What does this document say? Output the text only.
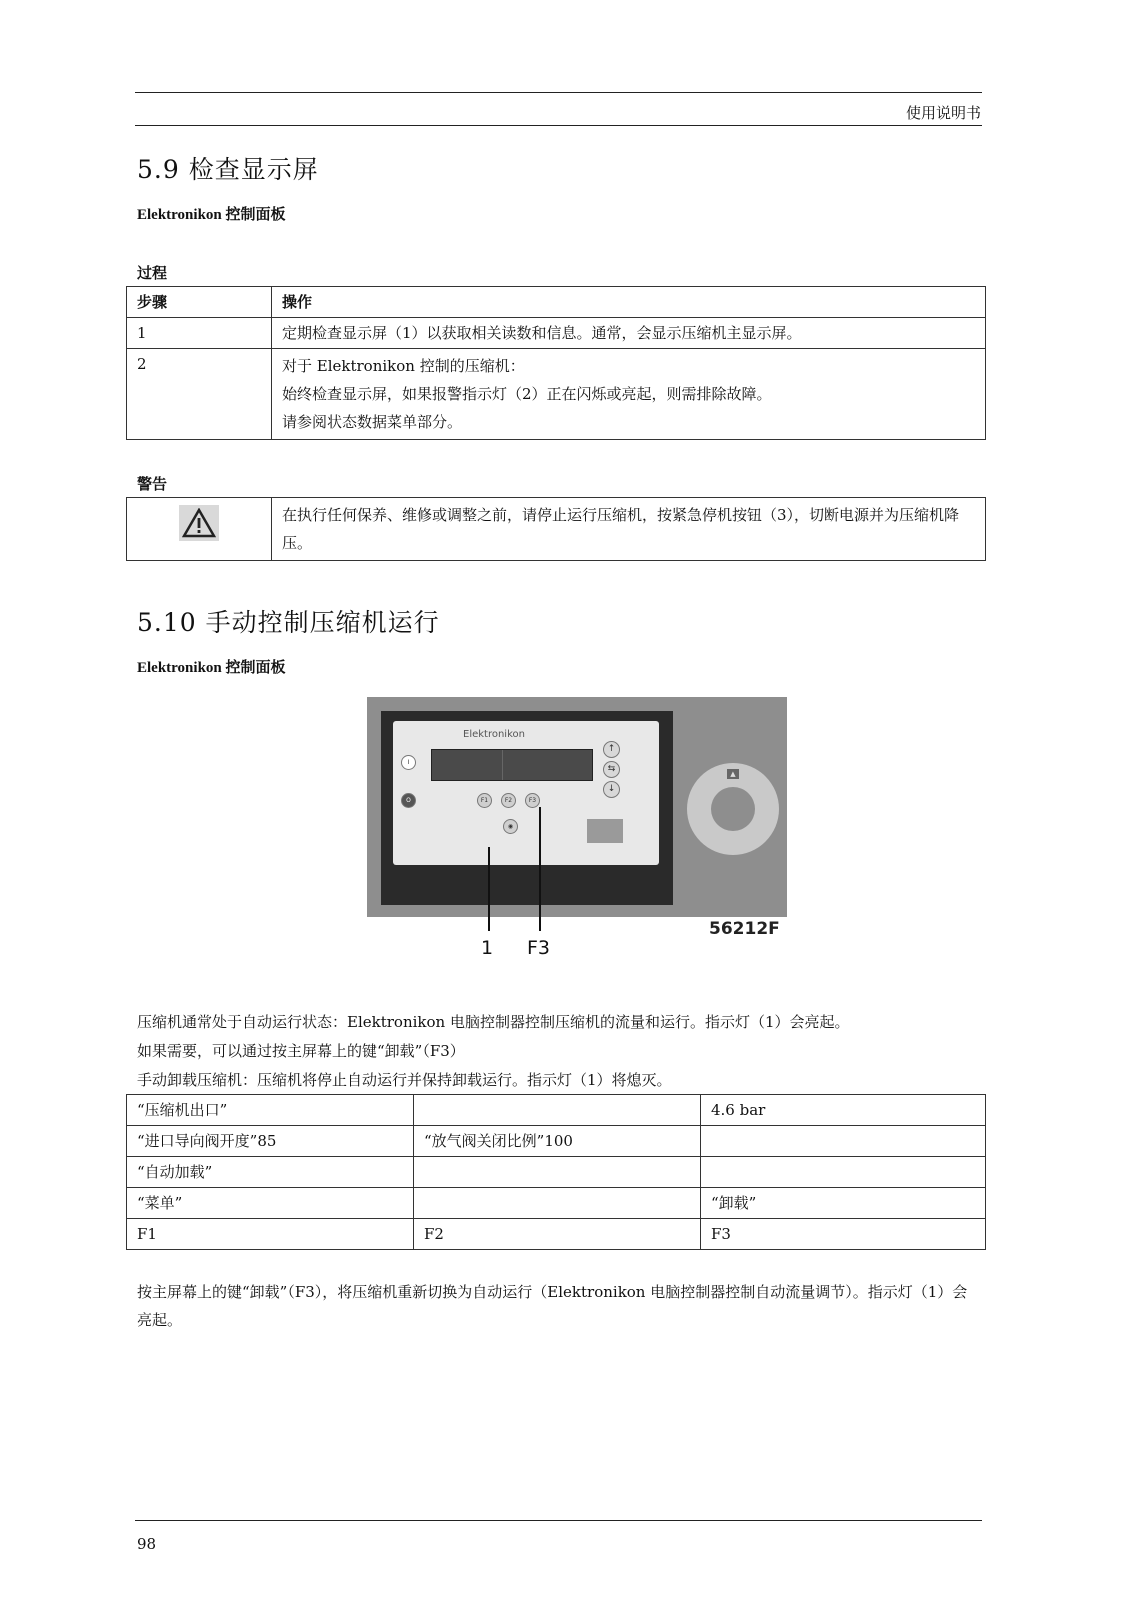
使用说明书
5.9 检查显示屏
Elektronikon 控制面板
过程
步骤	操作
1	定期检查显示屏（1）以获取相关读数和信息。通常，会显示压缩机主显示屏。

2	对于 Elektronikon 控制的压缩机：
始终检查显示屏，如果报警指示灯（2）正在闪烁或亮起，则需排除故障。
请参阅状态数据菜单部分。
警告
	在执行任何保养、维修或调整之前，请停止运行压缩机，按紧急停机按钮（3），切断电源并为压缩机降压。
5.10 手动控制压缩机运行
Elektronikon 控制面板
Elektronikon
I
O	F1	F2	F3
↑
⇆
↓
◉
▲
1 F3
56212F
压缩机通常处于自动运行状态：Elektronikon 电脑控制器控制压缩机的流量和运行。指示灯（1）会亮起。
如果需要，可以通过按主屏幕上的键“卸载”（F3）
手动卸载压缩机：压缩机将停止自动运行并保持卸载运行。指示灯（1）将熄灭。
“压缩机出口”		4.6 bar
“进口导向阀开度”85	“放气阀关闭比例”100	
“自动加载”		
“菜单”		“卸载”
F1	F2	F3
按主屏幕上的键“卸载”（F3），将压缩机重新切换为自动运行（Elektronikon 电脑控制器控制自动流量调节）。指示灯（1）会亮起。
98
